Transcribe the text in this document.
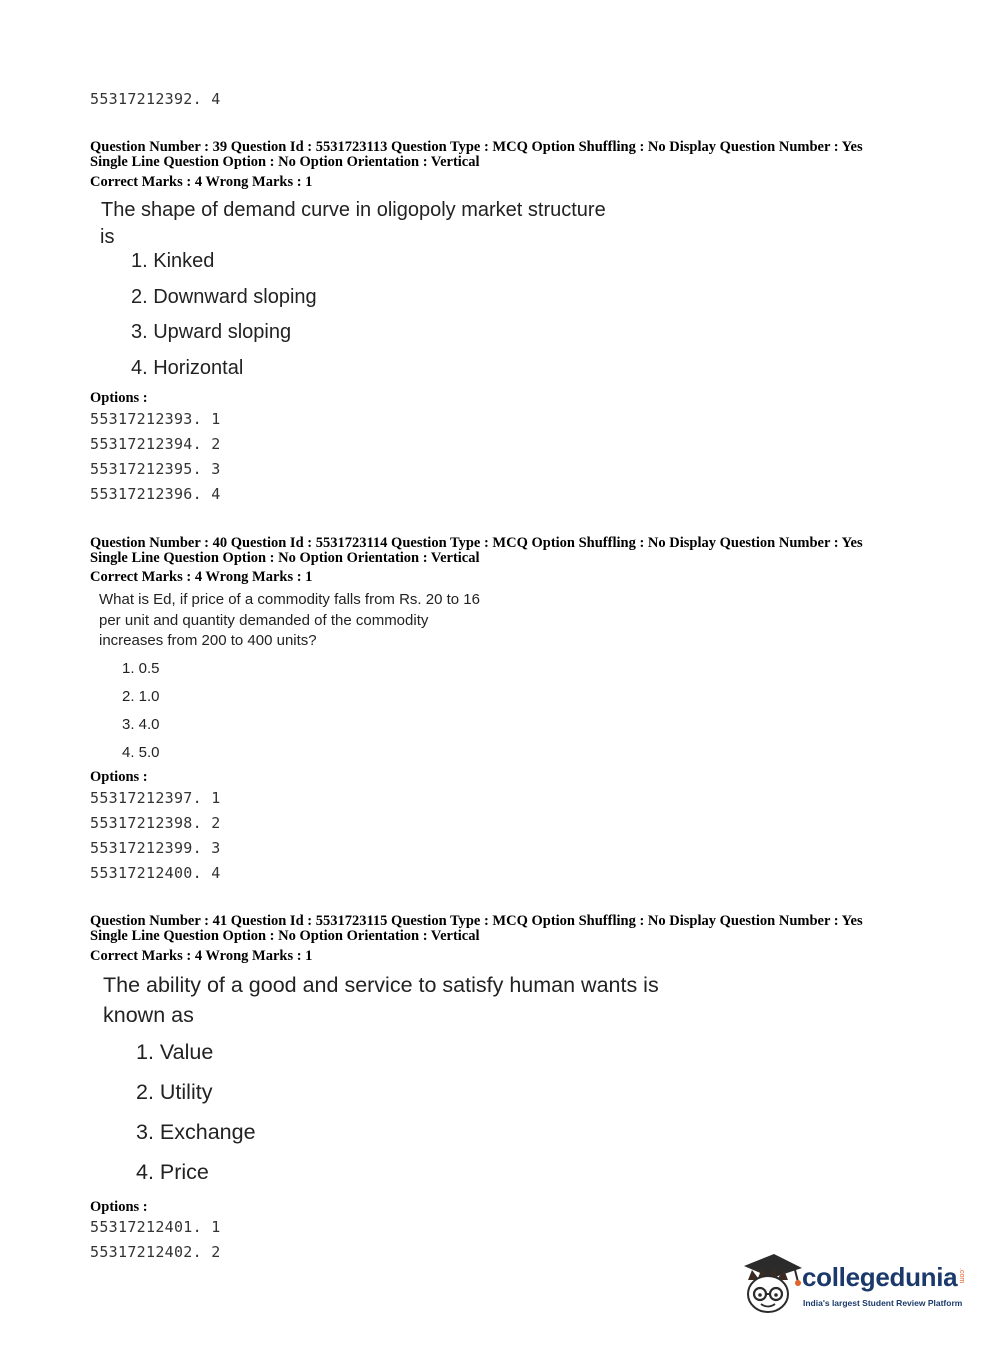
55317212392. 4
Question Number : 39 Question Id : 5531723113 Question Type : MCQ Option Shuffling : No Display Question Number : Yes
Single Line Question Option : No Option Orientation : Vertical
Correct Marks : 4 Wrong Marks : 1
The shape of demand curve in oligopoly market structure
is
1. Kinked
2. Downward sloping
3. Upward sloping
4. Horizontal
Options :
55317212393. 1
55317212394. 2
55317212395. 3
55317212396. 4
Question Number : 40 Question Id : 5531723114 Question Type : MCQ Option Shuffling : No Display Question Number : Yes
Single Line Question Option : No Option Orientation : Vertical
Correct Marks : 4 Wrong Marks : 1
What is Ed, if price of a commodity falls from Rs. 20 to 16
per unit and quantity demanded of the commodity
increases from 200 to 400 units?
1. 0.5
2. 1.0
3. 4.0
4. 5.0
Options :
55317212397. 1
55317212398. 2
55317212399. 3
55317212400. 4
Question Number : 41 Question Id : 5531723115 Question Type : MCQ Option Shuffling : No Display Question Number : Yes
Single Line Question Option : No Option Orientation : Vertical
Correct Marks : 4 Wrong Marks : 1
The ability of a good and service to satisfy human wants is
known as
1. Value
2. Utility
3. Exchange
4. Price
Options :
55317212401. 1
55317212402. 2
collegedunia .com
India's largest Student Review Platform
